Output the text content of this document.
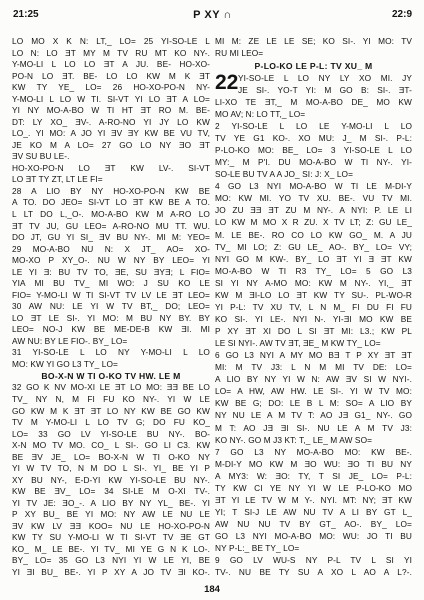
21:25	P XY ∩	22:9
LO MO X K N: LT,_ LO= 25 YI-SO-LE L
LO N: LO ƎT MY M TV RU MT KO NY-.
Y-MO-LI L LO LO ƎT A JU. BE- HO-XO-
PO-N LO ƎT. BE- LO LO KW M K ƎT
KW TY YE_ LO= 26 HO-XO-PO-N NY-
Y-MO-LI L LO W TI. SI-VT YI LO ƎT A LO=
YI NY MO-A-BO W TI HT ƎT RO M. BE-
DT: LY XO_ ƎV-. A-RO-NO YI JY LO KW
LO_. YI MO: A JO YI ƎV ƎY KW BE VU TV,
JE KO M A LO= 27 GO LO NY ƎO ƎT
ƎV SU BU LE-.
HO-XO-PO-N LO ƎT KW LV-. SI-VT
LO ƎT TY ZT, LT LE FI=
28 A LIO BY NY HO-XO-PO-N KW BE
A TO. DO JEO= SI-VT LO ƎT KW BE A TO.
L LT DO L,_O-. MO-A-BO KW M A-RO LO
ƎT TV JU, GU LEO= A-RO-NO MU TT. WU.
DO JT, GU YI SI_ ƎV BU NY-. MI M: YEO=
29 MO-A-BO NU N: X JT_ AO= XO-
MO-XO P XY_O-. NU W NY BY LEO= YI
LE YI Ǝ: BU TV TO, ƎE, SU ƎYƎ; L FIO=
YIA MI BU TV_ MI WO: J SU KO LE
FIO= Y-MO-LI W TI SI-VT TV LV LE ƎT LEO=
30 AW NU: LE YI W TV BT,_ DO; LEO=
LO ƎT LE SI-. YI MO: M BU NY BY. BY
LEO= NO-J KW BE ME-DE-B KW ƎI. MI
AW NU: BY LE FIO-. BY_ LO=
31 YI-SO-LE L LO NY Y-MO-LI L LO
MO: KW YI GO L3 TY_ LO=
BO-X-N W TI O-KO TV HW. LE M
32 GO K NV MO-XI LE ƎT LO MO: ƎƎ BE LO
TV_ NY N, M FI FU KO NY-. YI W LE
GO KW M K ƎT ƎT LO NY KW BE GO KW
TV M Y-MO-LI L LO TV G; DO FU KO_
LO= 33 GO LV YI-SO-LE BU NY-. BO-
X-N MO TV MO. CO_ L SI-. GO LI C3. KW
BE ƎV JE_ LO= BO-X-N W TI O-KO NY
YI W TV TO, N M DO L SI-. YI_ BE YI P
XY BU NY-, E-D-YI KW YI-SO-LE BU NY-.
KW BE ƎV_ LO= 34 SI-LE M O-XI TV-.
YI TV JE: ƎO_-. A LIO BY NY YL_ BE-. YI
P XY BU_ BE YI MO: NY AW LE NU LE
ƎV KW LV ƎƎ KOO= NU LE HO-XO-PO-N
KW TY SU Y-MO-LI W TI SI-VT TV ƎE GT
KO_ M_ LE BE-. YI TV_ MI YE G N K LO-.
BY_ LO= 35 GO L3 NYI YI W LE YI, BE
YI ƎI BU_ BE-. YI P XY A JO TV ƎI KO-.
MI M: ZE LE LE SE; KO SI-. YI MO: TV
RU MI LEO=
P-LO-KO LE P-L: TV XU_ M
22 YI-SO-LE L LO NY LY XO MI. JY
JE SI-. YO-T YI: M GO B: SI-. ƎT-
LI-XO TE ƎT,_ M MO-A-BO DE_ MO KW
MO AV; N: LO TT,_ LO=
2 YI-SO-LE L LO LE Y-MO-LI L LO
TV YE G1 KO-. XO MU: J_ M SI-. P-L:
P-LO-KO MO: BE_ LO= 3 YI-SO-LE L LO
MY:_ M P'I. DU MO-A-BO W TI NY-. YI-
SO-LE BU TV A A JO_ SI: J: X_ LO=
4 GO L3 NYI MO-A-BO W TI LE M-DI-Y
MO: KW MI. YO TV XU. BE-. VU TV MI.
JO ZU ƎƎ ƎT ZU M NY-. A NYI: P. LE LI
LO KW M MO X R ZU. X TV LT; Z: GU LE_
M. LE BE-. RO CO LO KW GO_ M. A JU
TV_ MI LO; Z: GU LE_ AO-. BY_ LO= VY;
NYI GO M KW-. BY_ LO ƎT YI Ǝ ƎT KW
MO-A-BO W TI R3 TY_ LO= 5 GO L3
SI YI NY A-MO MO: KW M NY-. YI,_ ƎT
KW M ƎI-LO LO ƎT KW TY SU-. PL-WO-R
YI P-L: TV XU TV, L N M_ FI DU FI FU
KO SI-. YI LE-. NYI N-. YI-ƎI MO KW BE
P XY ƎT XI DO L SI ƎT MI: L3.; KW PL
LE SI NYI-. AW TV ƎT, ƎE_ M KW TY_ LO=
6 GO L3 NYI A MY MO BƎ T P XY ƎT ƎT
MI: M TV J3: L N M MI TV DE: LO=
A LIO BY NY YI W N: AW ƎV SI W NYI-.
LO= A HW, AW HW. LE SI-. YI W TV MO:
KW BE G; DO: LE B L M: SO= A LIO BY
NY NU LE A M TV T: AO JƎ G1_ NY-. GO
M T: AO JƎ ƎI SI-. NU LE A M TV J3:
KO NY-. GO M J3 KT: T,_ LE_ M AW SO=
7 GO L3 NY MO-A-BO MO: KW BE-.
M-DI-Y MO KW M ƎO WU: ƎO TI BU NY
A MY3: W: ƎO: TY, T SI JE_ LO= P-L:
TY KW CI YE NY YI W LE P-LO-KO MO
ƎT YI LE TV W M Y-. NYI. MT: NY; ƎT KW
YI; T SI-J LE AW NU TV A LI BY GT L_
AW NU NU TV BY GT_ AO-. BY_ LO=
GO L3 NYI MO-A-BO MO: WU: JO TI BU
NY P-L:_ BE TY_ LO=
9 GO LV WU-S NY P-L TV L SI YI
TV-. NU BE TY SU A XO L AO A L?-.
184
